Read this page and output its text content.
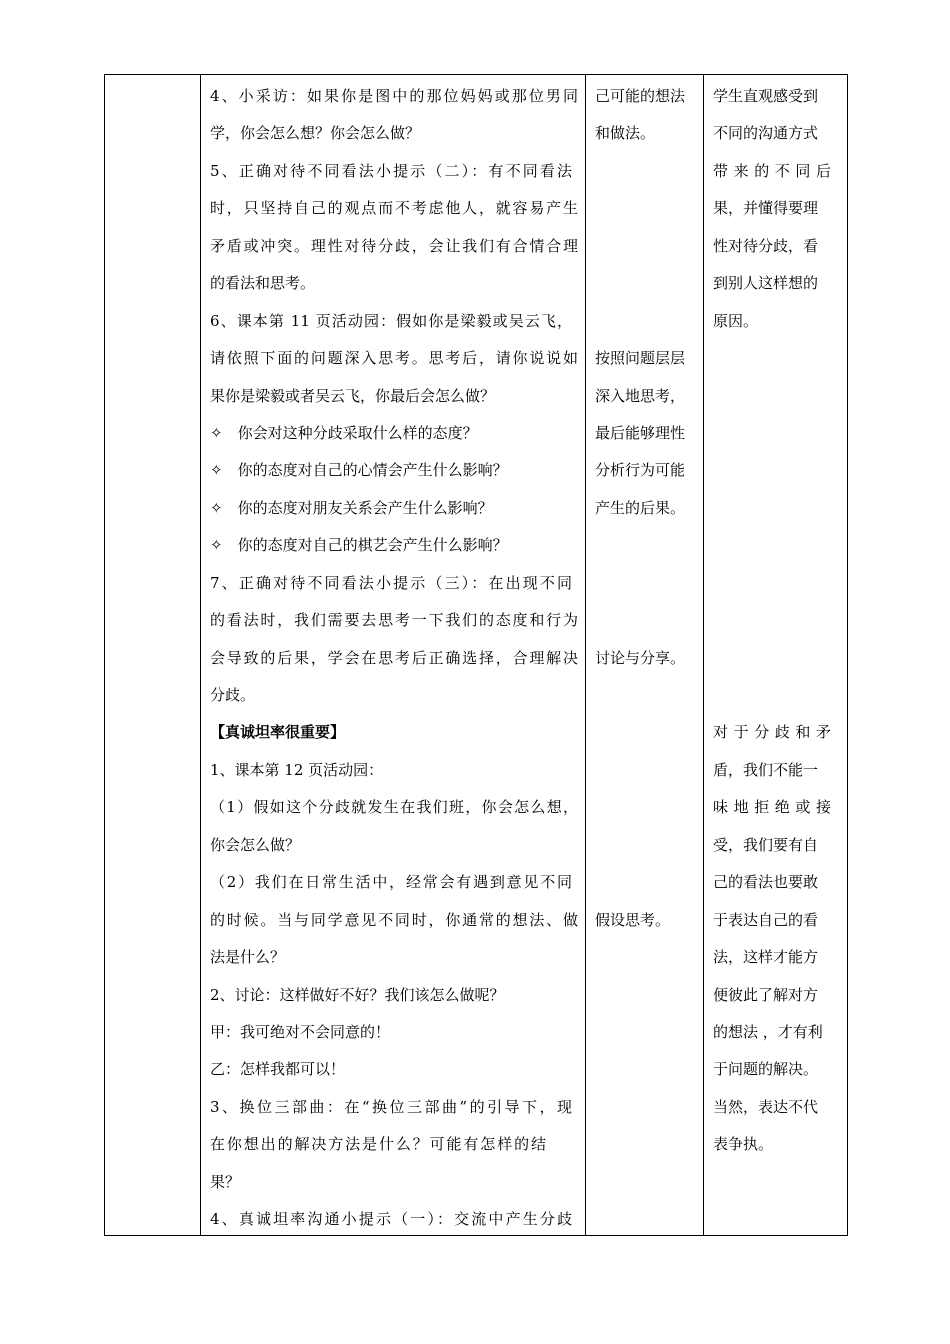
4、小采访：如果你是图中的那位妈妈或那位男同
学，你会怎么想？你会怎么做？
5、正确对待不同看法小提示（二）：有不同看法
时，只坚持自己的观点而不考虑他人，就容易产生
矛盾或冲突。理性对待分歧，会让我们有合情合理
的看法和思考。
6、课本第 11 页活动园：假如你是梁毅或吴云飞，
请依照下面的问题深入思考。思考后，请你说说如
果你是梁毅或者吴云飞，你最后会怎么做？
✧　你会对这种分歧采取什么样的态度？
✧　你的态度对自己的心情会产生什么影响？
✧　你的态度对朋友关系会产生什么影响？
✧　你的态度对自己的棋艺会产生什么影响？
7、正确对待不同看法小提示（三）：在出现不同
的看法时，我们需要去思考一下我们的态度和行为
会导致的后果，学会在思考后正确选择，合理解决
分歧。
【真诚坦率很重要】
1、课本第 12 页活动园：
（1）假如这个分歧就发生在我们班，你会怎么想，
你会怎么做？
（2）我们在日常生活中，经常会有遇到意见不同
的时候。当与同学意见不同时，你通常的想法、做
法是什么？
2、讨论：这样做好不好？我们该怎么做呢？
甲：我可绝对不会同意的！
乙：怎样我都可以！
3、换位三部曲：在“换位三部曲”的引导下，现
在你想出的解决方法是什么？可能有怎样的结
果？
4、真诚坦率沟通小提示（一）：交流中产生分歧
己可能的想法
和做法。
按照问题层层
深入地思考，
最后能够理性
分析行为可能
产生的后果。
讨论与分享。
假设思考。
学生直观感受到
不同的沟通方式
带来的不同后
果，并懂得要理
性对待分歧，看
到别人这样想的
原因。
对于分歧和矛
盾，我们不能一
味地拒绝或接
受，我们要有自
己的看法也要敢
于表达自己的看
法，这样才能方
便彼此了解对方
的想法 ，才有利
于问题的解决。
当然，表达不代
表争执。
